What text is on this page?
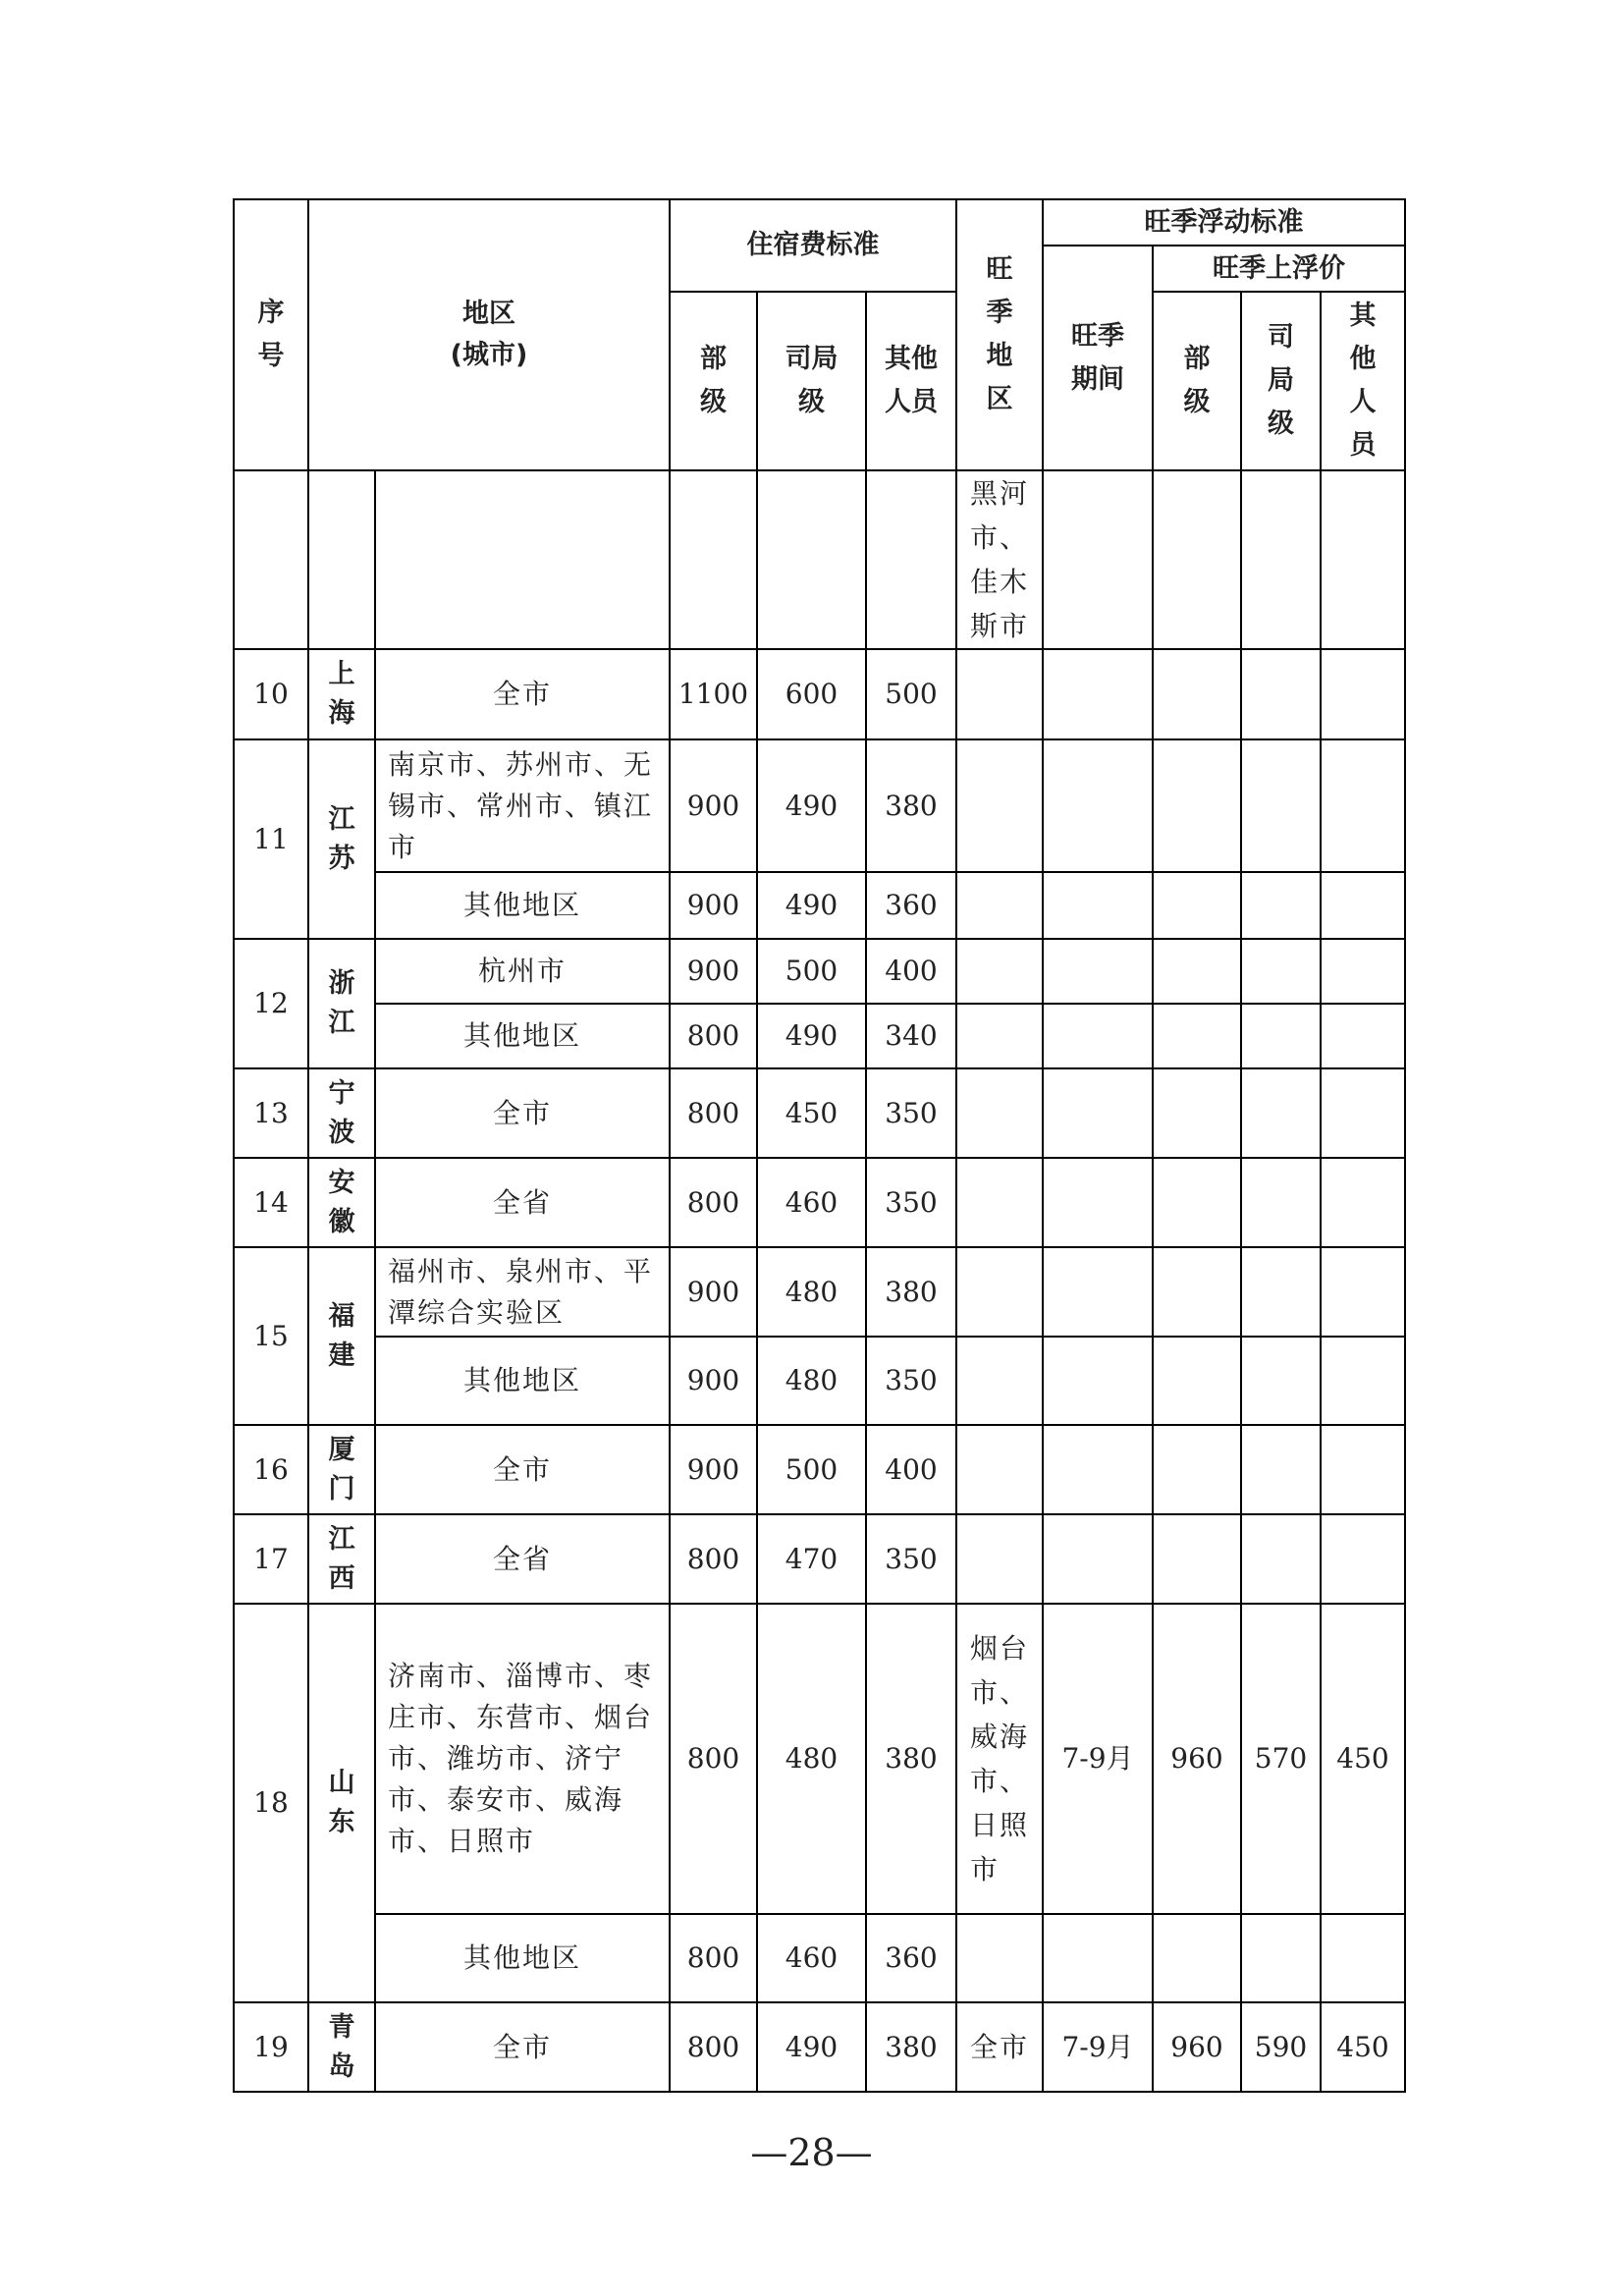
序号	地区
(城市)		住宿费标准			旺季地区	旺季浮动标准			
							旺季期间	旺季上浮价		
			部级	司局级	其他人员			部级	司局级	其他人员
						黑河市、佳木斯市				
10	上海	全市	1100	600	500					
11	江苏	南京市、苏州市、无锡市、常州市、镇江市	900	490	380					
		其他地区	900	490	360					
12	浙江	杭州市	900	500	400					
		其他地区	800	490	340					
13	宁波	全市	800	450	350					
14	安徽	全省	800	460	350					
15	福建	福州市、泉州市、平潭综合实验区	900	480	380					
		其他地区	900	480	350					
16	厦门	全市	900	500	400					
17	江西	全省	800	470	350					
18	山东	济南市、淄博市、枣庄市、东营市、烟台市、潍坊市、济宁市、泰安市、威海市、日照市	800	480	380	烟台市、威海市、日照市	7-9月	960	570	450
		其他地区	800	460	360					
19	青岛	全市	800	490	380	全市	7-9月	960	590	450
—28—
